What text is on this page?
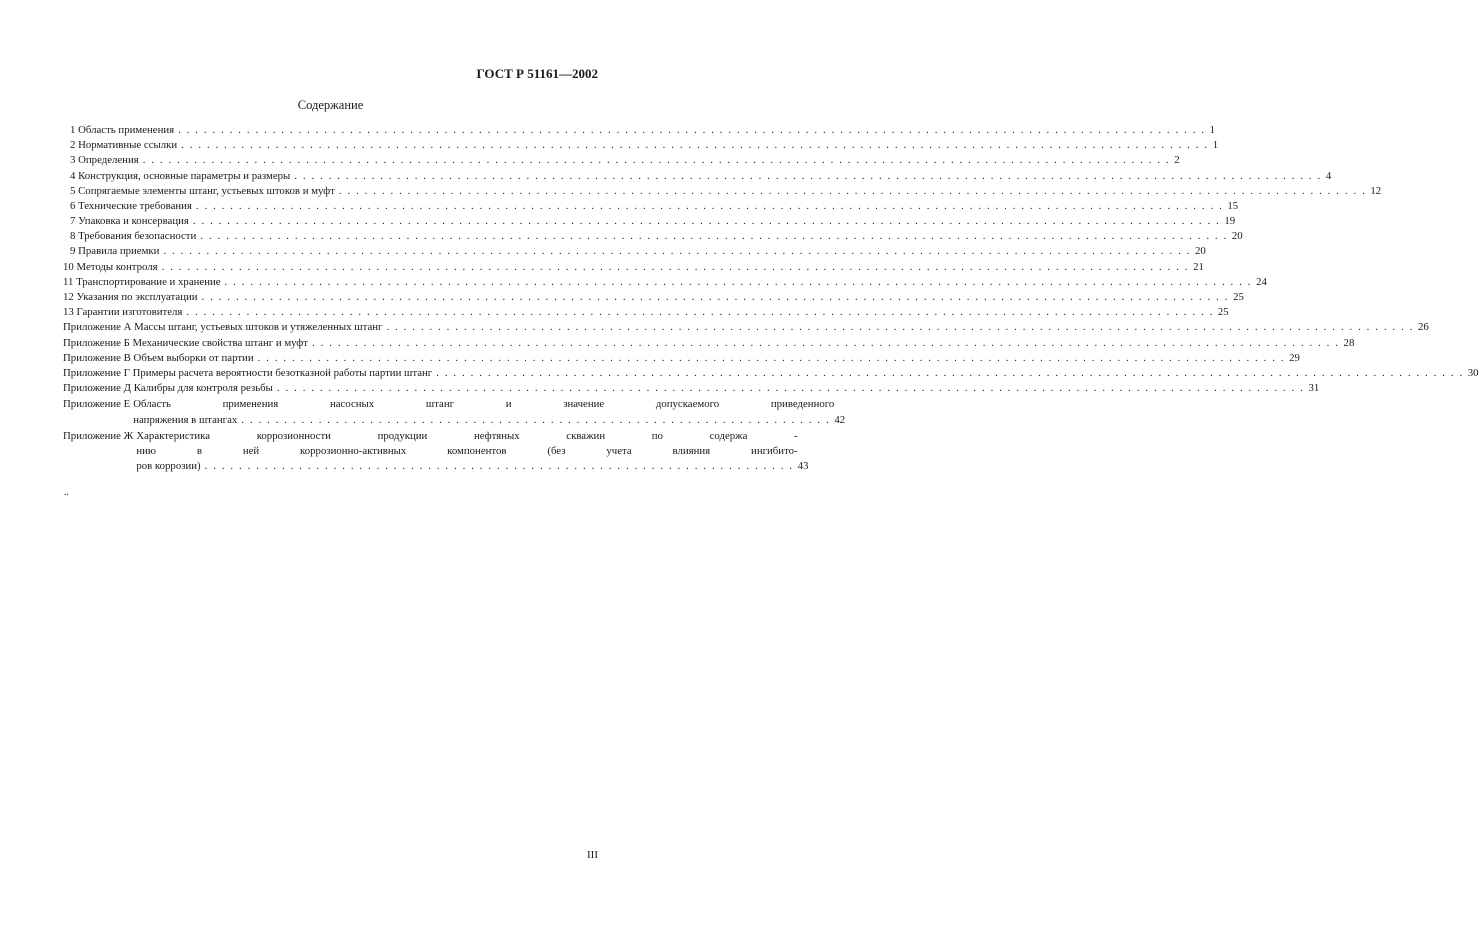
ГОСТ Р 51161—2002
Содержание
1 Область применения . . . . . . . . . . . . . . . . . . . . . . . . . . . . . . . . . . . . . . . . . . . . . . . . . . . . . . . . . . . . . . . . . . . . . . . . . . . . . . . . . . . . . . . . . . . . . . . . . . . . . . . . . . . . . . . . . . . . . . . . 1
2 Нормативные ссылки . . . . . . . . . . . . . . . . . . . . . . . . . . . . . . . . . . . . . . . . . . . . . . . . . . . . . . . . . . . . . . . . . . . . . . . . . . . . . . . . . . . . . . . . . . . . . . . . . . . . . . . . . . . . . . . . . . . . . . . . 1
3 Определения . . . . . . . . . . . . . . . . . . . . . . . . . . . . . . . . . . . . . . . . . . . . . . . . . . . . . . . . . . . . . . . . . . . . . . . . . . . . . . . . . . . . . . . . . . . . . . . . . . . . . . . . . . . . . . . . . . . . . . . . 2
4 Конструкция, основные параметры и размеры . . . . . . . . . . . . . . . . . . . . . . . . . . . . . . . . . . . . . . . . . . . . . . . . . . . . . . . . . . . . . . . . . . . . . . . . . . . . . . . . . . . . . . . . . . . . . . . . . . . . . . . . . . . . . . . . . . . . . . . . 4
5 Сопрягаемые элементы штанг, устьевых штоков и муфт . . . . . . . . . . . . . . . . . . . . . . . . . . . . . . . . . . . . . . . . . . . . . . . . . . . . . . . . . . . . . . . . . . . . . . . . . . . . . . . . . . . . . . . . . . . . . . . . . . . . . . . . . . . . . . . . . . . . . . . . 12
6 Технические требования . . . . . . . . . . . . . . . . . . . . . . . . . . . . . . . . . . . . . . . . . . . . . . . . . . . . . . . . . . . . . . . . . . . . . . . . . . . . . . . . . . . . . . . . . . . . . . . . . . . . . . . . . . . . . . . . . . . . . . . . 15
7 Упаковка и консервация . . . . . . . . . . . . . . . . . . . . . . . . . . . . . . . . . . . . . . . . . . . . . . . . . . . . . . . . . . . . . . . . . . . . . . . . . . . . . . . . . . . . . . . . . . . . . . . . . . . . . . . . . . . . . . . . . . . . . . . . 19
8 Требования безопасности . . . . . . . . . . . . . . . . . . . . . . . . . . . . . . . . . . . . . . . . . . . . . . . . . . . . . . . . . . . . . . . . . . . . . . . . . . . . . . . . . . . . . . . . . . . . . . . . . . . . . . . . . . . . . . . . . . . . . . . . 20
9 Правила приемки . . . . . . . . . . . . . . . . . . . . . . . . . . . . . . . . . . . . . . . . . . . . . . . . . . . . . . . . . . . . . . . . . . . . . . . . . . . . . . . . . . . . . . . . . . . . . . . . . . . . . . . . . . . . . . . . . . . . . . . . 20
10 Методы контроля . . . . . . . . . . . . . . . . . . . . . . . . . . . . . . . . . . . . . . . . . . . . . . . . . . . . . . . . . . . . . . . . . . . . . . . . . . . . . . . . . . . . . . . . . . . . . . . . . . . . . . . . . . . . . . . . . . . . . . . . 21
11 Транспортирование и хранение . . . . . . . . . . . . . . . . . . . . . . . . . . . . . . . . . . . . . . . . . . . . . . . . . . . . . . . . . . . . . . . . . . . . . . . . . . . . . . . . . . . . . . . . . . . . . . . . . . . . . . . . . . . . . . . . . . . . . . . . 24
12 Указания по эксплуатации . . . . . . . . . . . . . . . . . . . . . . . . . . . . . . . . . . . . . . . . . . . . . . . . . . . . . . . . . . . . . . . . . . . . . . . . . . . . . . . . . . . . . . . . . . . . . . . . . . . . . . . . . . . . . . . . . . . . . . . . 25
13 Гарантии изготовителя . . . . . . . . . . . . . . . . . . . . . . . . . . . . . . . . . . . . . . . . . . . . . . . . . . . . . . . . . . . . . . . . . . . . . . . . . . . . . . . . . . . . . . . . . . . . . . . . . . . . . . . . . . . . . . . . . . . . . . . . 25
Приложение А Массы штанг, устьевых штоков и утяжеленных штанг . . . . . . . . . . . . . . . . . . . . . . . . . . . . . . . . . . . . . . . . . . . . . . . . . . . . . . . . . . . . . . . . . . . . . . . . . . . . . . . . . . . . . . . . . . . . . . . . . . . . . . . . . . . . . . . . . . . . . . . . 26
Приложение Б Механические свойства штанг и муфт . . . . . . . . . . . . . . . . . . . . . . . . . . . . . . . . . . . . . . . . . . . . . . . . . . . . . . . . . . . . . . . . . . . . . . . . . . . . . . . . . . . . . . . . . . . . . . . . . . . . . . . . . . . . . . . . . . . . . . . . 28
Приложение В Объем выборки от партии . . . . . . . . . . . . . . . . . . . . . . . . . . . . . . . . . . . . . . . . . . . . . . . . . . . . . . . . . . . . . . . . . . . . . . . . . . . . . . . . . . . . . . . . . . . . . . . . . . . . . . . . . . . . . . . . . . . . . . . . 29
Приложение Г Примеры расчета вероятности безотказной работы партии штанг . . . . . . . . . . . . . . . . . . . . . . . . . . . . . . . . . . . . . . . . . . . . . . . . . . . . . . . . . . . . . . . . . . . . . . . . . . . . . . . . . . . . . . . . . . . . . . . . . . . . . . . . . . . . . . . . . . . . . . . . 30
Приложение Д Калибры для контроля резьбы . . . . . . . . . . . . . . . . . . . . . . . . . . . . . . . . . . . . . . . . . . . . . . . . . . . . . . . . . . . . . . . . . . . . . . . . . . . . . . . . . . . . . . . . . . . . . . . . . . . . . . . . . . . . . . . . . . . . . . . . 31
Приложение Е Область применения насосных штанг и значение допускаемого приведенного
напряжения в штангах . . . . . . . . . . . . . . . . . . . . . . . . . . . . . . . . . . . . . . . . . . . . . . . . . . . . . . . . . . . . . . . . . . . . . 42
Приложение Ж Характеристика коррозионности продукции нефтяных скважин по содержа -
нию в ней коррозионно-активных компонентов (без учета влияния ингибито-
ров коррозии) . . . . . . . . . . . . . . . . . . . . . . . . . . . . . . . . . . . . . . . . . . . . . . . . . . . . . . . . . . . . . . . . . . . . . 43
..
III
